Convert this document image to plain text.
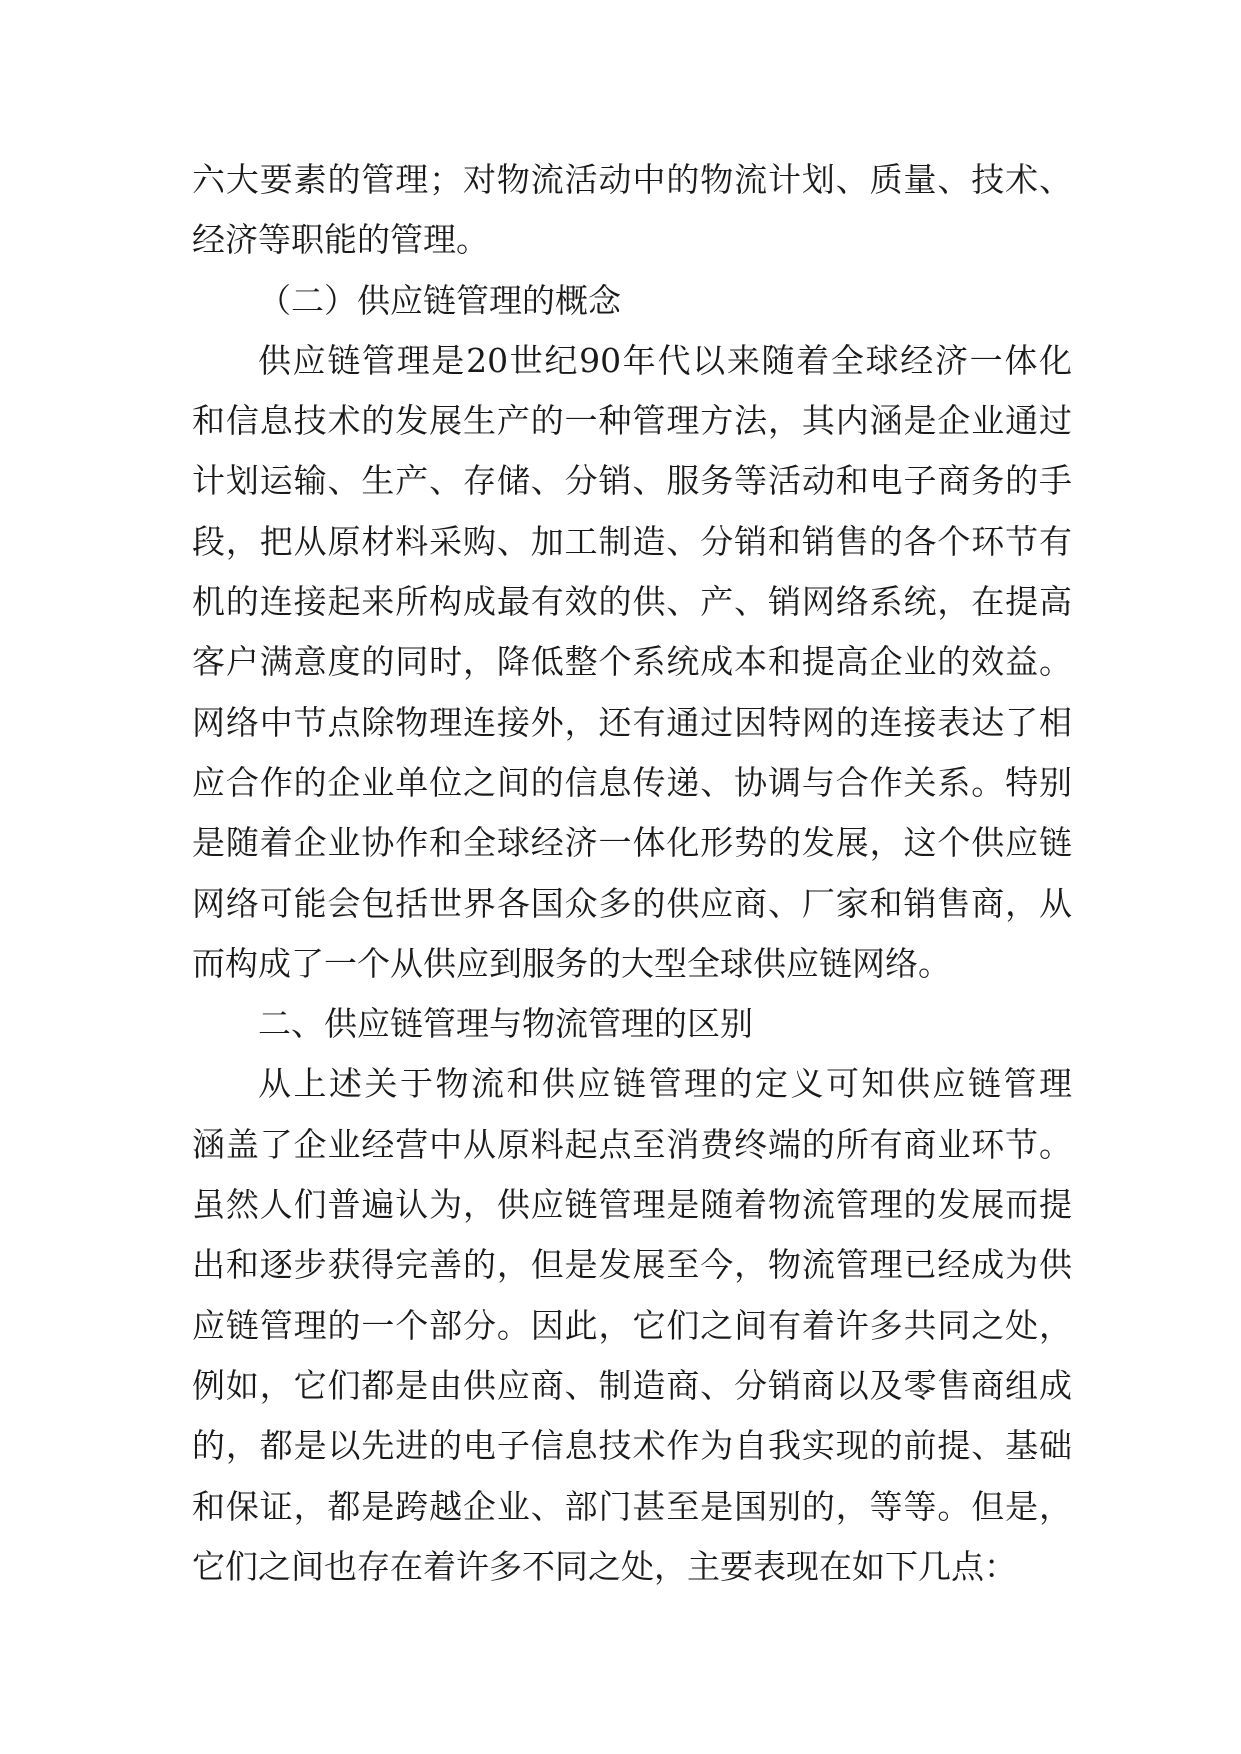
六大要素的管理；对物流活动中的物流计划、质量、技术、
经济等职能的管理。
（二）供应链管理的概念
供应链管理是20世纪90年代以来随着全球经济一体化
和信息技术的发展生产的一种管理方法，其内涵是企业通过
计划运输、生产、存储、分销、服务等活动和电子商务的手
段，把从原材料采购、加工制造、分销和销售的各个环节有
机的连接起来所构成最有效的供、产、销网络系统，在提高
客户满意度的同时，降低整个系统成本和提高企业的效益。
网络中节点除物理连接外，还有通过因特网的连接表达了相
应合作的企业单位之间的信息传递、协调与合作关系。特别
是随着企业协作和全球经济一体化形势的发展，这个供应链
网络可能会包括世界各国众多的供应商、厂家和销售商，从
而构成了一个从供应到服务的大型全球供应链网络。
二、供应链管理与物流管理的区别
从上述关于物流和供应链管理的定义可知供应链管理
涵盖了企业经营中从原料起点至消费终端的所有商业环节。
虽然人们普遍认为，供应链管理是随着物流管理的发展而提
出和逐步获得完善的，但是发展至今，物流管理已经成为供
应链管理的一个部分。因此，它们之间有着许多共同之处，
例如，它们都是由供应商、制造商、分销商以及零售商组成
的，都是以先进的电子信息技术作为自我实现的前提、基础
和保证，都是跨越企业、部门甚至是国别的，等等。但是，
它们之间也存在着许多不同之处，主要表现在如下几点：
